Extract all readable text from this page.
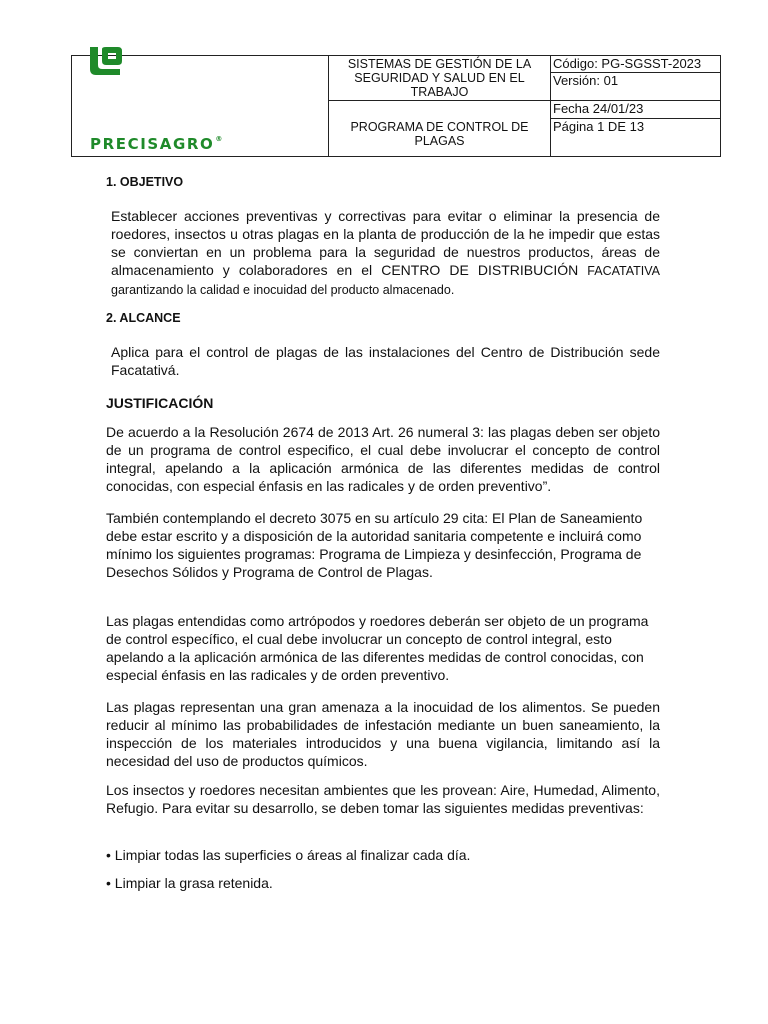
SISTEMAS DE GESTIÓN DE LA SEGURIDAD Y SALUD EN EL TRABAJO
PROGRAMA DE CONTROL DE PLAGAS
Código: PG-SGSST-2023
Versión: 01
Fecha 24/01/23
Página 1 DE 13
PRECISAGRO®
1. OBJETIVO

Establecer acciones preventivas y correctivas para evitar o eliminar la presencia de roedores, insectos u otras plagas en la planta de producción de la he impedir que estas se conviertan en un problema para la seguridad de nuestros productos, áreas de almacenamiento y colaboradores en el CENTRO DE DISTRIBUCIÓN FACATATIVA garantizando la calidad e inocuidad del producto almacenado.

2. ALCANCE

Aplica para el control de plagas de las instalaciones del Centro de Distribución sede Facatativá.

JUSTIFICACIÓN

De acuerdo a la Resolución 2674 de 2013 Art. 26 numeral 3: las plagas deben ser objeto de un programa de control especifico, el cual debe involucrar el concepto de control integral, apelando a la aplicación armónica de las diferentes medidas de control conocidas, con especial énfasis en las radicales y de orden preventivo”.

También contemplando el decreto 3075 en su artículo 29 cita: El Plan de Saneamiento debe estar escrito y a disposición de la autoridad sanitaria competente e incluirá como mínimo los siguientes programas: Programa de Limpieza y desinfección, Programa de Desechos Sólidos y Programa de Control de Plagas.

Las plagas entendidas como artrópodos y roedores deberán ser objeto de un programa de control específico, el cual debe involucrar un concepto de control integral, esto apelando a la aplicación armónica de las diferentes medidas de control conocidas, con especial énfasis en las radicales y de orden preventivo.

Las plagas representan una gran amenaza a la inocuidad de los alimentos. Se pueden reducir al mínimo las probabilidades de infestación mediante un buen saneamiento, la inspección de los materiales introducidos y una buena vigilancia, limitando así la necesidad del uso de productos químicos.

Los insectos y roedores necesitan ambientes que les provean: Aire, Humedad, Alimento, Refugio. Para evitar su desarrollo, se deben tomar las siguientes medidas preventivas:

• Limpiar todas las superficies o áreas al finalizar cada día.
• Limpiar la grasa retenida.
